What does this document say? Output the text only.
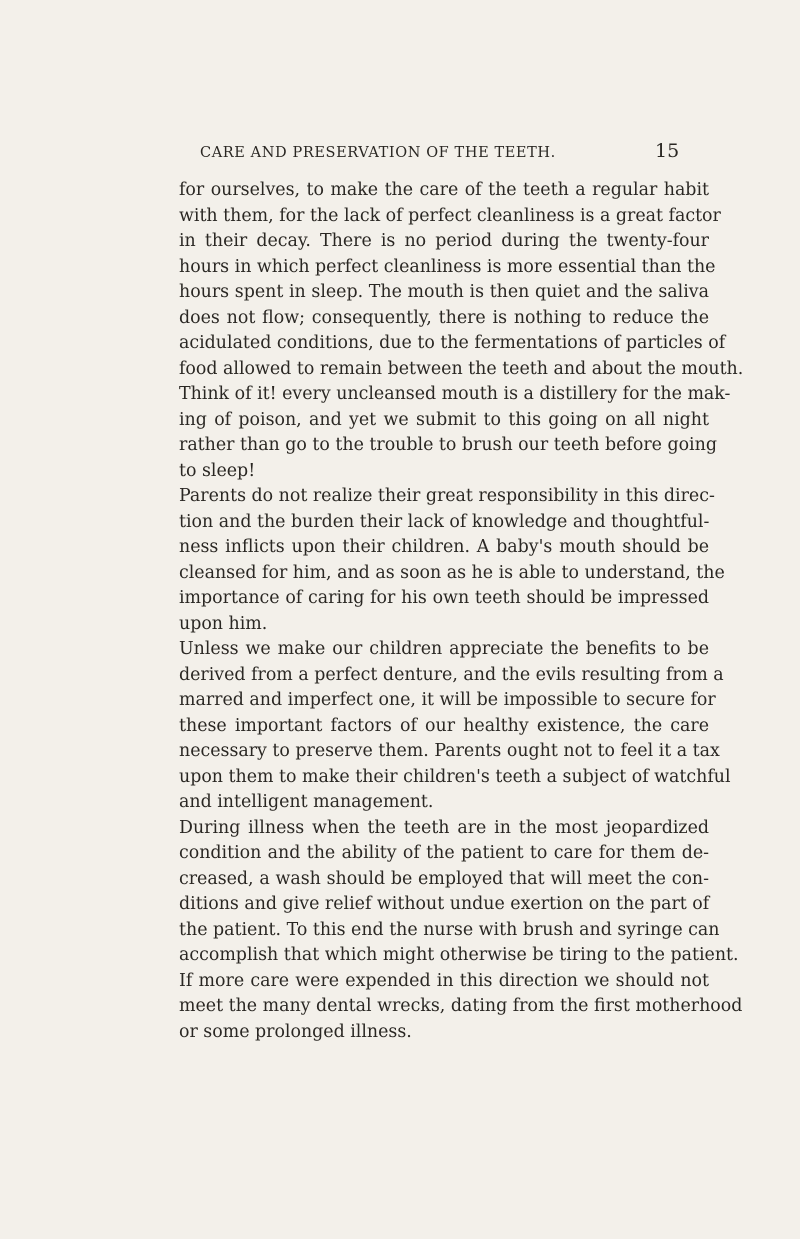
CARE AND PRESERVATION OF THE TEETH.	15
for ourselves, to make the care of the teeth a regular habit
with them, for the lack of perfect cleanliness is a great factor
in their decay. There is no period during the twenty-four
hours in which perfect cleanliness is more essential than the
hours spent in sleep. The mouth is then quiet and the saliva
does not flow; consequently, there is nothing to reduce the
acidulated conditions, due to the fermentations of particles of
food allowed to remain between the teeth and about the mouth.
Think of it! every uncleansed mouth is a distillery for the mak-
ing of poison, and yet we submit to this going on all night
rather than go to the trouble to brush our teeth before going
to sleep!
Parents do not realize their great responsibility in this direc-
tion and the burden their lack of knowledge and thoughtful-
ness inflicts upon their children. A baby's mouth should be
cleansed for him, and as soon as he is able to understand, the
importance of caring for his own teeth should be impressed
upon him.
Unless we make our children appreciate the benefits to be
derived from a perfect denture, and the evils resulting from a
marred and imperfect one, it will be impossible to secure for
these important factors of our healthy existence, the care
necessary to preserve them. Parents ought not to feel it a tax
upon them to make their children's teeth a subject of watchful
and intelligent management.
During illness when the teeth are in the most jeopardized
condition and the ability of the patient to care for them de-
creased, a wash should be employed that will meet the con-
ditions and give relief without undue exertion on the part of
the patient. To this end the nurse with brush and syringe can
accomplish that which might otherwise be tiring to the patient.
If more care were expended in this direction we should not
meet the many dental wrecks, dating from the first motherhood
or some prolonged illness.
